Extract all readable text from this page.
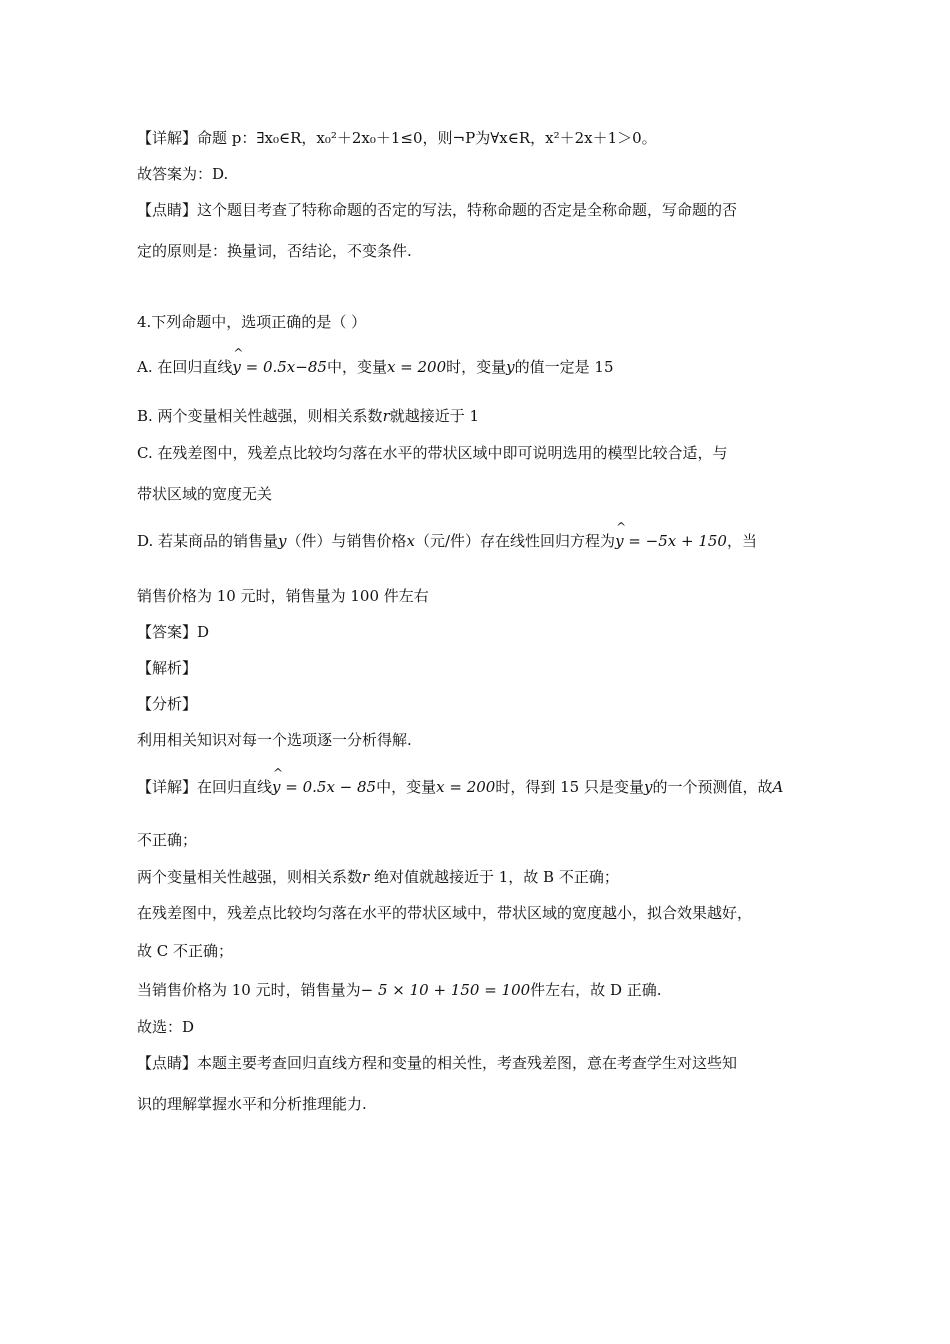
【详解】命题 p：∃x₀∈R，x₀²＋2x₀＋1≤0，则¬P为∀x∈R，x²＋2x＋1＞0。
故答案为：D.
【点睛】这个题目考查了特称命题的否定的写法，特称命题的否定是全称命题，写命题的否
定的原则是：换量词，否结论，不变条件.
4.下列命题中，选项正确的是（ ）
A. 在回归直线^ y = 0.5x−85中，变量x = 200时，变量y的值一定是 15
B. 两个变量相关性越强，则相关系数r就越接近于 1
C. 在残差图中，残差点比较均匀落在水平的带状区域中即可说明选用的模型比较合适，与
带状区域的宽度无关
D. 若某商品的销售量y（件）与销售价格x（元/件）存在线性回归方程为^ y = −5x + 150，当
销售价格为 10 元时，销售量为 100 件左右
【答案】D
【解析】
【分析】
利用相关知识对每一个选项逐一分析得解.
【详解】在回归直线^ y = 0.5x − 85中，变量x = 200时，得到 15 只是变量y的一个预测值，故A
不正确；
两个变量相关性越强，则相关系数r 绝对值就越接近于 1，故 B 不正确；
在残差图中，残差点比较均匀落在水平的带状区域中，带状区域的宽度越小，拟合效果越好，
故 C 不正确；
当销售价格为 10 元时，销售量为− 5 × 10 + 150 = 100件左右，故 D 正确.
故选：D
【点睛】本题主要考查回归直线方程和变量的相关性，考查残差图，意在考查学生对这些知
识的理解掌握水平和分析推理能力.
